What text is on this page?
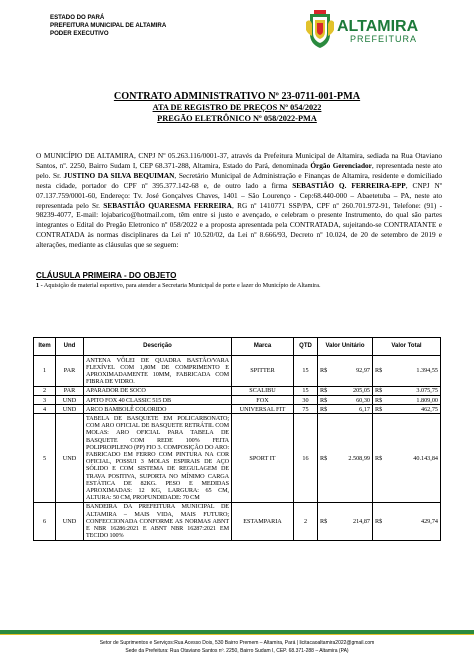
ESTADO DO PARÁ
PREFEITURA MUNICIPAL DE ALTAMIRA
PODER EXECUTIVO	ALTAMIRA
PREFEITURA
CONTRATO ADMINISTRATIVO Nº 23-0711-001-PMA
ATA DE REGISTRO DE PREÇOS Nº 054/2022
PREGÃO ELETRÔNICO Nº 058/2022-PMA
O MUNICÍPIO DE ALTAMIRA, CNPJ Nº 05.263.116/0001-37, através da Prefeitura Municipal de Altamira, sediada na Rua Otaviano Santos, nº. 2250, Bairro Sudam I, CEP 68.371-288, Altamira, Estado do Pará, denominada Órgão Gerenciador, representada neste ato pelo. Sr. JUSTINO DA SILVA BEQUIMAN, Secretário Municipal de Administração e Finanças de Altamira, residente e domiciliado nesta cidade, portador do CPF nº 395.377.142-68 e, de outro lado a firma SEBASTIÃO Q. FERREIRA-EPP, CNPJ Nº 07.137.759/0001-60, Endereço: Tv. José Gonçalves Chaves, 1401 – São Lourenço - Cep:68.440-000 – Abaetetuba – PA, neste ato representada pelo Sr. SEBASTIÃO QUARESMA FERREIRA, RG nº 1410771 SSP/PA, CPF nº 260.701.972-91, Telefone: (91) - 98239-4077, E-mail: lojabarico@hotmail.com, têm entre si justo e avençado, e celebram o presente Instrumento, do qual são partes integrantes o Edital do Pregão Eletronico nº 058/2022 e a proposta apresentada pela CONTRATADA, sujeitando-se CONTRATANTE e CONTRATADA às normas disciplinares da Lei nº 10.520/02, da Lei nº 8.666/93, Decreto nº 10.024, de 20 de setembro de 2019 e alterações, mediante as cláusulas que se seguem:
CLÁUSULA PRIMEIRA - DO OBJETO
1 - Aquisição de material esportivo, para atender a Secretaria Municipal de porte e lazer do Município de Altamira.
Item	Und	Descrição	Marca	QTD	Valor Unitário	Valor Total
1	PAR	ANTENA VÔLEI DE QUADRA BASTÃO/VARA FLEXÍVEL COM 1,80M DE COMPRIMENTO E APROXIMADAMENTE 10MM, FABRICADA COM FIBRA DE VIDRO.	SPITTER	15	R$ 92,97	R$ 1.394,55

2	PAR	APARADOR DE SOCO	SCALIBU	15	R$ 205,05	R$ 3.075,75

3	UND	APITO FOX 40 CLASSIC 515 DB	FOX	30	R$ 60,30	R$ 1.809,00

4	UND	ARCO BAMBOLÊ COLORIDO	UNIVERSAL FIT	75	R$ 6,17	R$ 462,75

5	UND	TABELA DE BASQUETE EM POLICARBONATO; COM ARO OFICIAL DE BASQUETE RETRÁTIL COM MOLAS: ARO OFICIAL PARA TABELA DE BASQUETE COM REDE 100% FEITA POLIPROPILENO (PP) FIO 3. COMPOSIÇÃO DO ARO: FABRICADO EM FERRO COM PINTURA NA COR OFICIAL, POSSUI 3 MOLAS ESPIRAIS DE AÇO SÓLIDO E COM SISTEMA DE REGULAGEM DE TRAVA POSITIVA, SUPORTA NO MÍNIMO CARGA ESTÁTICA DE 82KG. PESO E MEDIDAS APROXIMADAS: 12 KG, LARGURA: 65 CM, ALTURA: 50 CM, PROFUNDIDADE: 70 CM	SPORT IT	16	R$ 2.508,99	R$ 40.143,84

6	UND	BANDEIRA DA PREFEITURA MUNICIPAL DE ALTAMIRA – MAIS VIDA, MAIS FUTURO; CONFECCIONADA CONFORME AS NORMAS ABNT E NBR 16286:2021 E ABNT NBR 16287:2021 EM TECIDO 100%	ESTAMPARIA	2	R$ 214,87	R$ 429,74
Setor de Suprimentos e Serviços:Rua Acesso Dois, 530 Bairro Premem – Altamira, Pará | licitacaoaltamira2022@gmail.com
Sede da Prefeitura: Rua Otaviano Santos nº. 2250, Bairro Sudam I, CEP. 68.371-288 – Altamira (PA)
